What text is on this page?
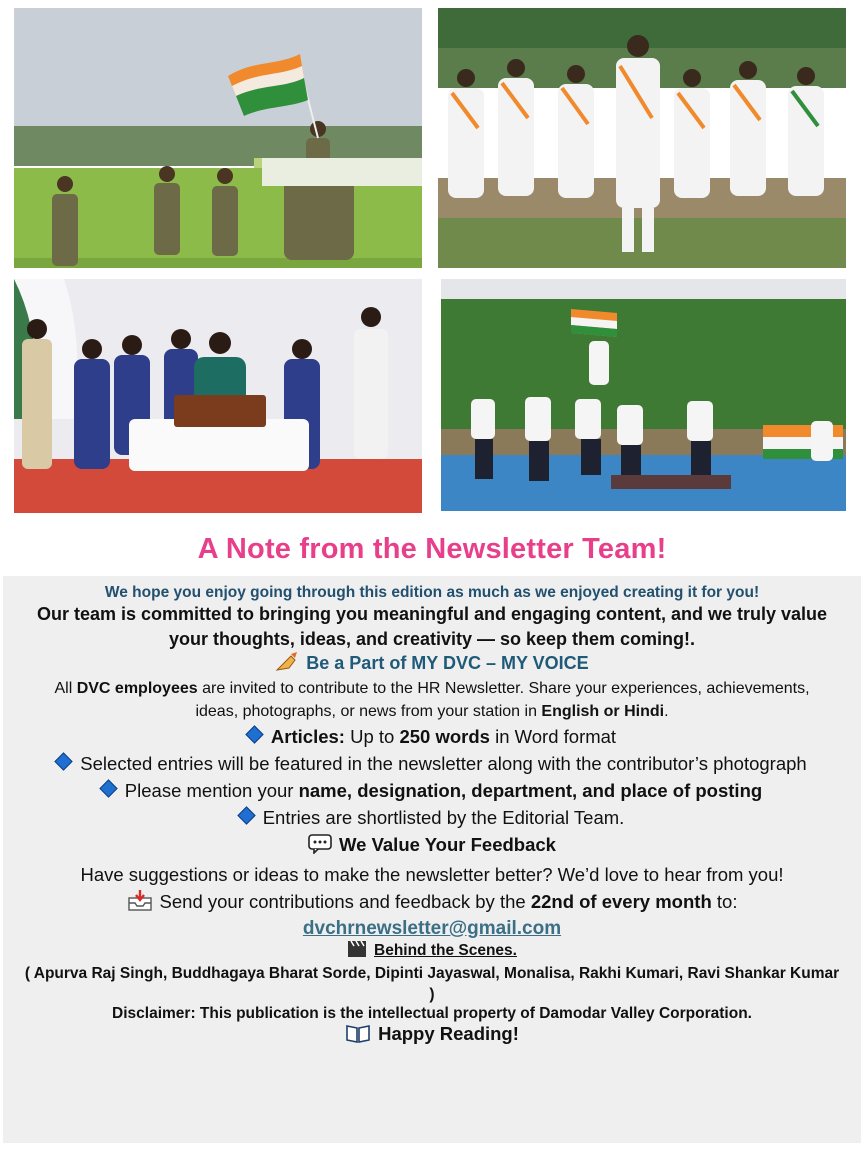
A Note from the Newsletter Team!
We hope you enjoy going through this edition as much as we enjoyed creating it for you!
Our team is committed to bringing you meaningful and engaging content, and we truly value your thoughts, ideas, and creativity — so keep them coming!.
Be a Part of MY DVC – MY VOICE
All DVC employees are invited to contribute to the HR Newsletter. Share your experiences, achievements, ideas, photographs, or news from your station in English or Hindi.
Articles: Up to 250 words in Word format
Selected entries will be featured in the newsletter along with the contributor’s photograph
Please mention your name, designation, department, and place of posting
Entries are shortlisted by the Editorial Team.
We Value Your Feedback
Have suggestions or ideas to make the newsletter better? We’d love to hear from you!
Send your contributions and feedback by the 22nd of every month to:
dvchrnewsletter@gmail.com
Behind the Scenes.
( Apurva Raj Singh, Buddhagaya Bharat Sorde, Dipinti Jayaswal, Monalisa, Rakhi Kumari, Ravi Shankar Kumar )
Disclaimer: This publication is the intellectual property of Damodar Valley Corporation.
Happy Reading!
